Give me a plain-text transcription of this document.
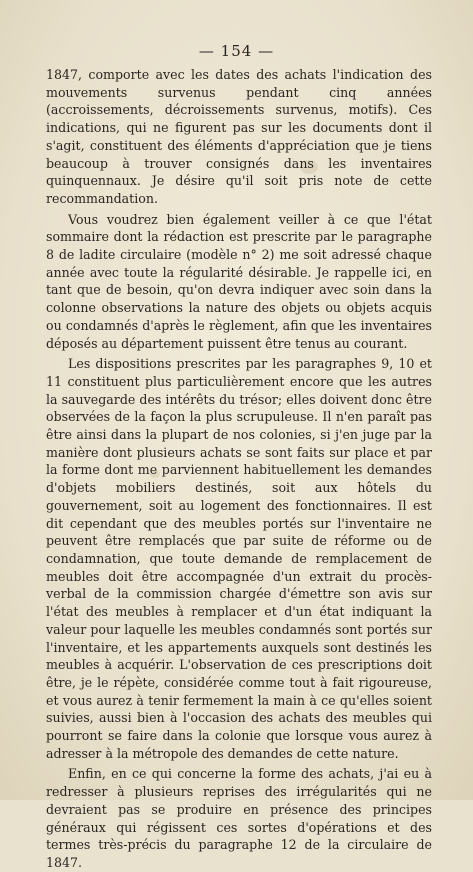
— 154 —

1847, comporte avec les dates des achats l'indication des mouvements survenus pendant cinq années (accroissements, décroissements survenus, motifs). Ces indications, qui ne figurent pas sur les documents dont il s'agit, constituent des éléments d'appréciation que je tiens beaucoup à trouver consignés dans les inventaires quinquennaux. Je désire qu'il soit pris note de cette recommandation.

Vous voudrez bien également veiller à ce que l'état sommaire dont la rédaction est prescrite par le paragraphe 8 de ladite circulaire (modèle n° 2) me soit adressé chaque année avec toute la régularité désirable. Je rappelle ici, en tant que de besoin, qu'on devra indiquer avec soin dans la colonne observations la nature des objets ou objets acquis ou condamnés d'après le règlement, afin que les inventaires déposés au département puissent être tenus au courant.

Les dispositions prescrites par les paragraphes 9, 10 et 11 constituent plus particulièrement encore que les autres la sauvegarde des intérêts du trésor; elles doivent donc être observées de la façon la plus scrupuleuse. Il n'en paraît pas être ainsi dans la plupart de nos colonies, si j'en juge par la manière dont plusieurs achats se sont faits sur place et par la forme dont me parviennent habituellement les demandes d'objets mobiliers destinés, soit aux hôtels du gouvernement, soit au logement des fonctionnaires. Il est dit cependant que des meubles portés sur l'inventaire ne peuvent être remplacés que par suite de réforme ou de condamnation, que toute demande de remplacement de meubles doit être accompagnée d'un extrait du procès-verbal de la commission chargée d'émettre son avis sur l'état des meubles à remplacer et d'un état indiquant la valeur pour laquelle les meubles condamnés sont portés sur l'inventaire, et les appartements auxquels sont destinés les meubles à acquérir. L'observation de ces prescriptions doit être, je le répète, considérée comme tout à fait rigoureuse, et vous aurez à tenir fermement la main à ce qu'elles soient suivies, aussi bien à l'occasion des achats des meubles qui pourront se faire dans la colonie que lorsque vous aurez à adresser à la métropole des demandes de cette nature.

Enfin, en ce qui concerne la forme des achats, j'ai eu à redresser à plusieurs reprises des irrégularités qui ne devraient pas se produire en présence des principes généraux qui régissent ces sortes d'opérations et des termes très-précis du paragraphe 12 de la circulaire de 1847.
